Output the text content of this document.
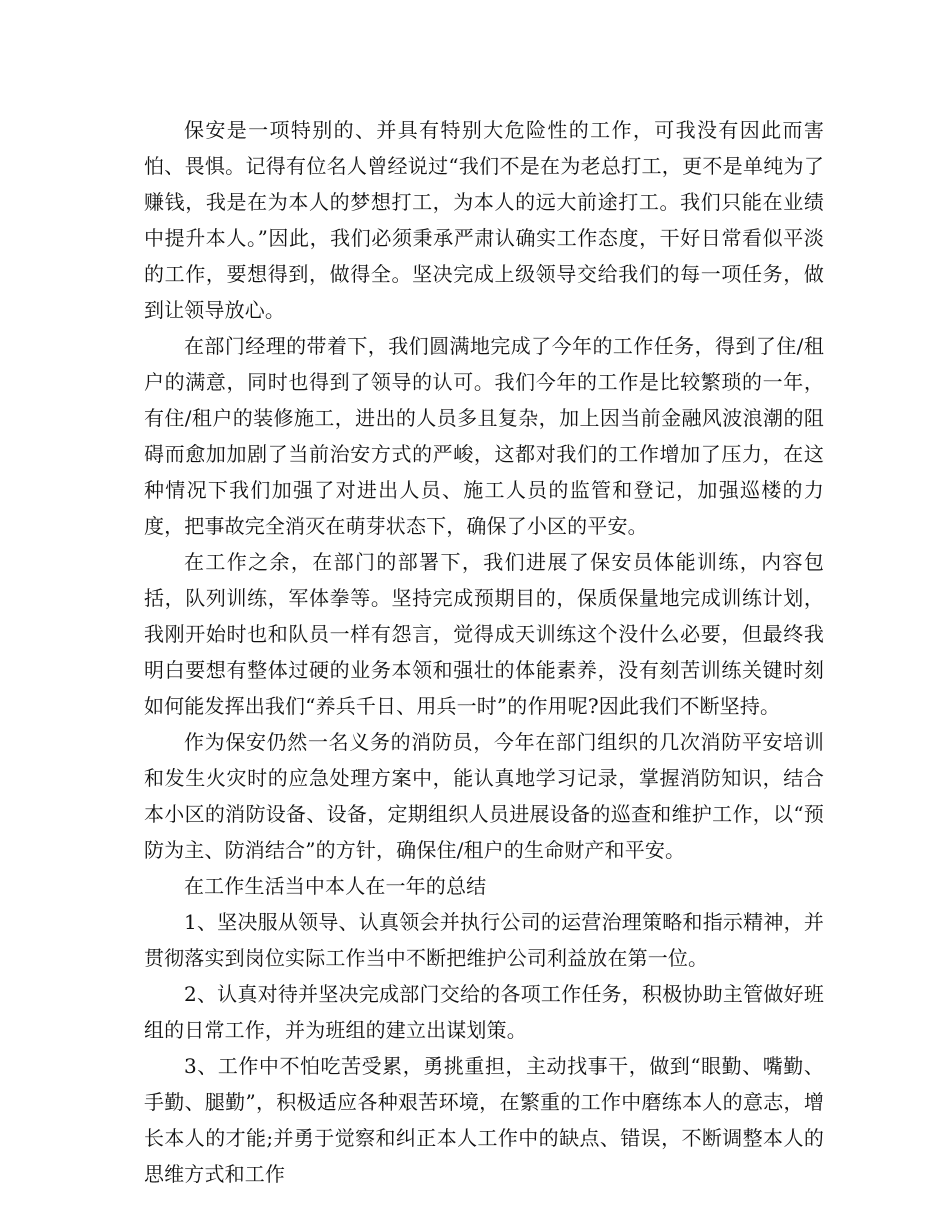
保安是一项特别的、并具有特别大危险性的工作，可我没有因此而害怕、畏惧。记得有位名人曾经说过“我们不是在为老总打工，更不是单纯为了赚钱，我是在为本人的梦想打工，为本人的远大前途打工。我们只能在业绩中提升本人。”因此，我们必须秉承严肃认确实工作态度，干好日常看似平淡的工作，要想得到，做得全。坚决完成上级领导交给我们的每一项任务，做到让领导放心。

在部门经理的带着下，我们圆满地完成了今年的工作任务，得到了住/租户的满意，同时也得到了领导的认可。我们今年的工作是比较繁琐的一年，有住/租户的装修施工，进出的人员多且复杂，加上因当前金融风波浪潮的阻碍而愈加加剧了当前治安方式的严峻，这都对我们的工作增加了压力，在这种情况下我们加强了对进出人员、施工人员的监管和登记，加强巡楼的力度，把事故完全消灭在萌芽状态下，确保了小区的平安。

在工作之余，在部门的部署下，我们进展了保安员体能训练，内容包括，队列训练，军体拳等。坚持完成预期目的，保质保量地完成训练计划，我刚开始时也和队员一样有怨言，觉得成天训练这个没什么必要，但最终我明白要想有整体过硬的业务本领和强壮的体能素养，没有刻苦训练关键时刻如何能发挥出我们“养兵千日、用兵一时”的作用呢?因此我们不断坚持。

作为保安仍然一名义务的消防员，今年在部门组织的几次消防平安培训和发生火灾时的应急处理方案中，能认真地学习记录，掌握消防知识，结合本小区的消防设备、设备，定期组织人员进展设备的巡查和维护工作，以“预防为主、防消结合”的方针，确保住/租户的生命财产和平安。

在工作生活当中本人在一年的总结

1、坚决服从领导、认真领会并执行公司的运营治理策略和指示精神，并贯彻落实到岗位实际工作当中不断把维护公司利益放在第一位。

2、认真对待并坚决完成部门交给的各项工作任务，积极协助主管做好班组的日常工作，并为班组的建立出谋划策。

3、工作中不怕吃苦受累，勇挑重担，主动找事干，做到“眼勤、嘴勤、手勤、腿勤”，积极适应各种艰苦环境，在繁重的工作中磨练本人的意志，增长本人的才能;并勇于觉察和纠正本人工作中的缺点、错误，不断调整本人的思维方式和工作
